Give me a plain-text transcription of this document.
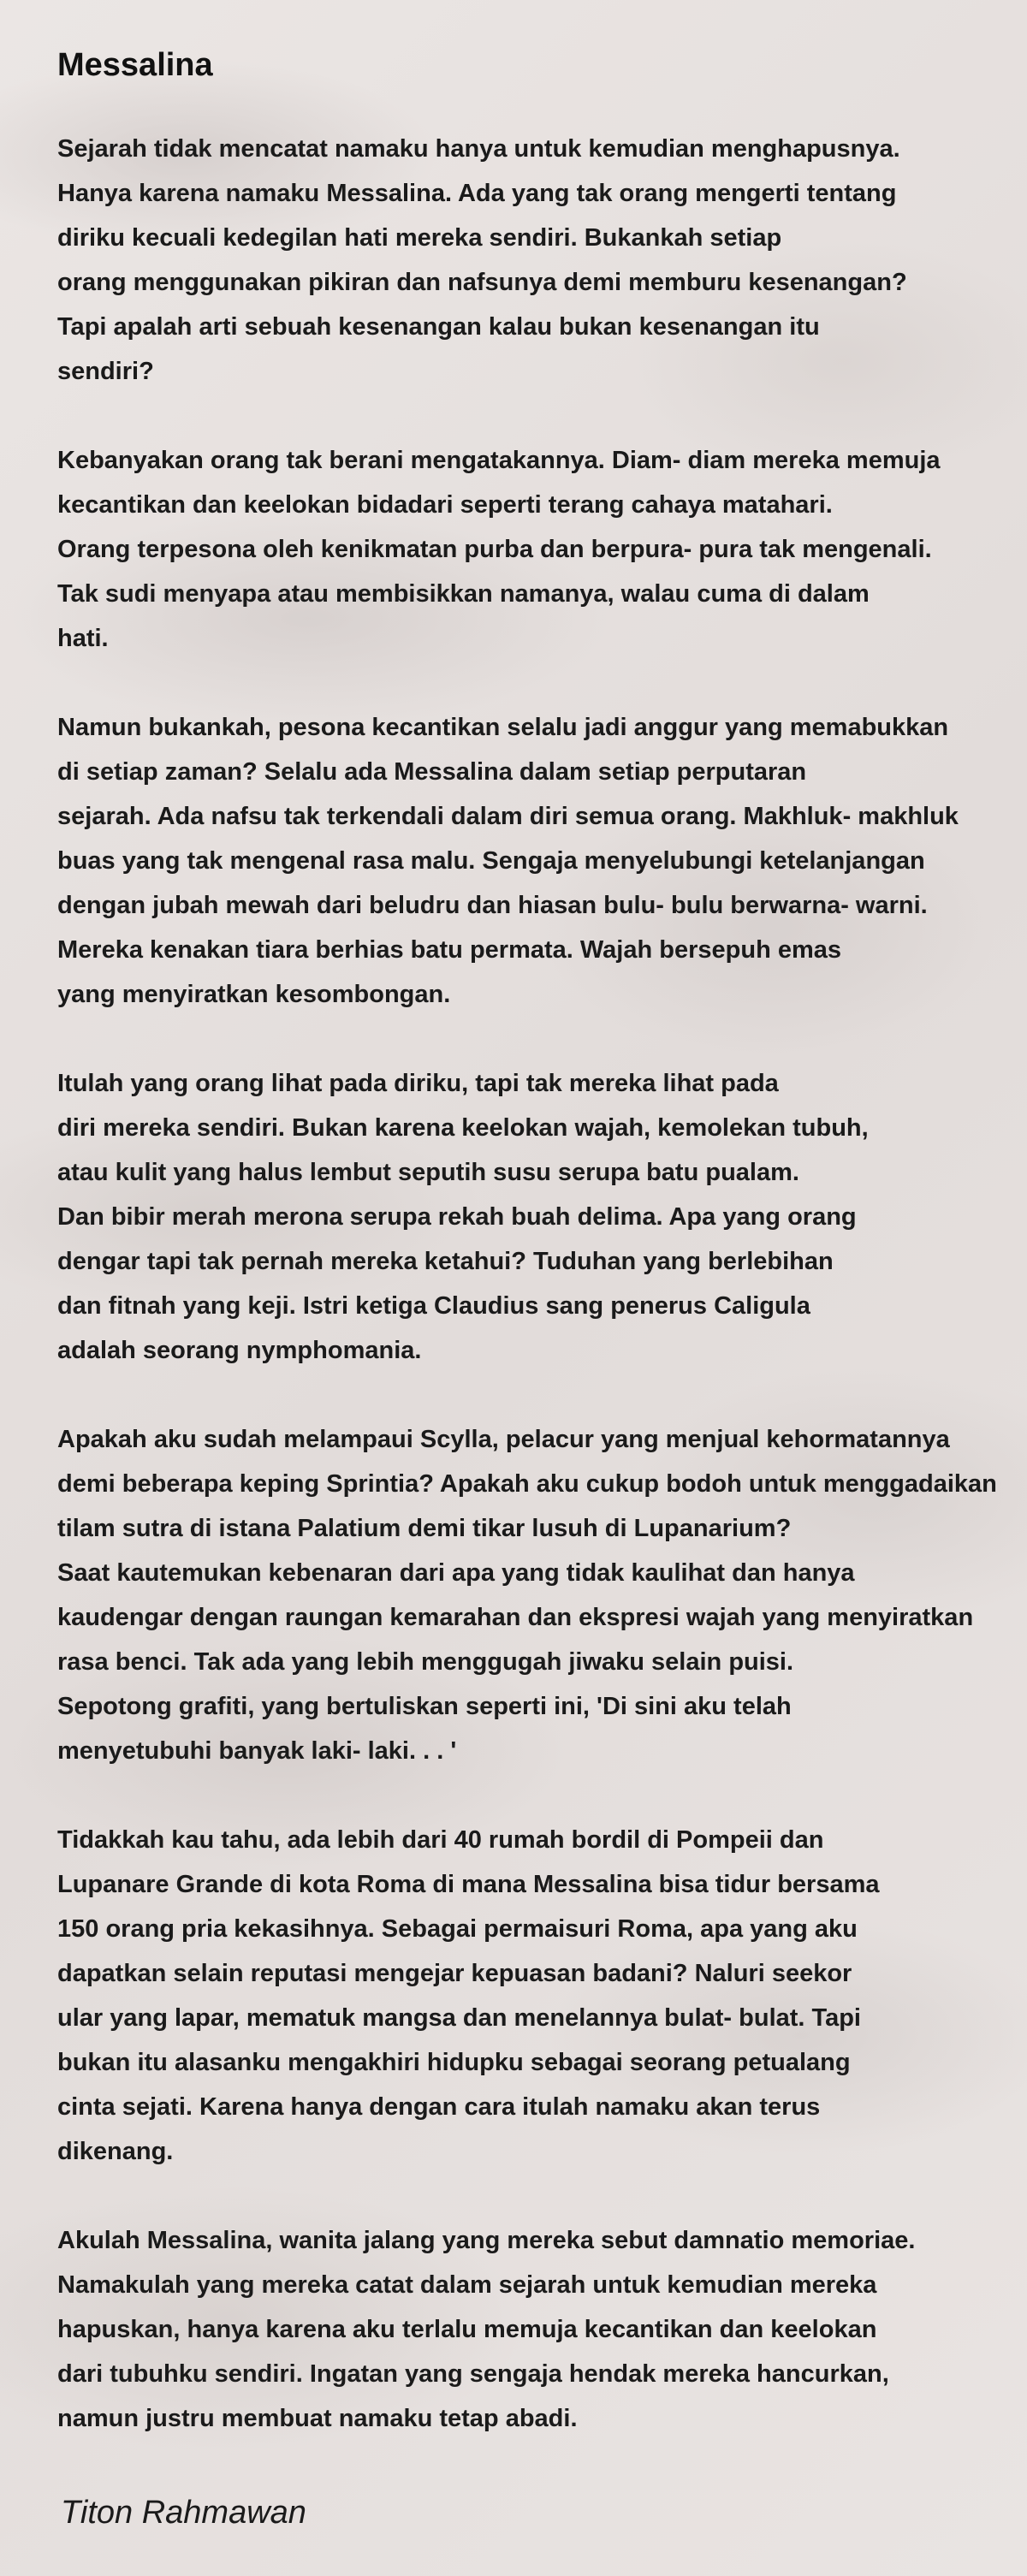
Messalina
Sejarah tidak mencatat namaku hanya untuk kemudian menghapusnya.
Hanya karena namaku Messalina. Ada yang tak orang mengerti tentang
diriku kecuali kedegilan hati mereka sendiri. Bukankah setiap
orang menggunakan pikiran dan nafsunya demi memburu kesenangan?
Tapi apalah arti sebuah kesenangan kalau bukan kesenangan itu
sendiri?
Kebanyakan orang tak berani mengatakannya. Diam- diam mereka memuja
kecantikan dan keelokan bidadari seperti terang cahaya matahari.
Orang terpesona oleh kenikmatan purba dan berpura- pura tak mengenali.
Tak sudi menyapa atau membisikkan namanya, walau cuma di dalam
hati.
Namun bukankah, pesona kecantikan selalu jadi anggur yang memabukkan
di setiap zaman? Selalu ada Messalina dalam setiap perputaran
sejarah. Ada nafsu tak terkendali dalam diri semua orang. Makhluk- makhluk
buas yang tak mengenal rasa malu. Sengaja menyelubungi ketelanjangan
dengan jubah mewah dari beludru dan hiasan bulu- bulu berwarna- warni.
Mereka kenakan tiara berhias batu permata. Wajah bersepuh emas
yang menyiratkan kesombongan.
Itulah yang orang lihat pada diriku, tapi tak mereka lihat pada
diri mereka sendiri. Bukan karena keelokan wajah, kemolekan tubuh,
atau kulit yang halus lembut seputih susu serupa batu pualam.
Dan bibir merah merona serupa rekah buah delima. Apa yang orang
dengar tapi tak pernah mereka ketahui? Tuduhan yang berlebihan
dan fitnah yang keji. Istri ketiga Claudius sang penerus Caligula
adalah seorang nymphomania.
Apakah aku sudah melampaui Scylla, pelacur yang menjual kehormatannya
demi beberapa keping Sprintia? Apakah aku cukup bodoh untuk menggadaikan
tilam sutra di istana Palatium demi tikar lusuh di Lupanarium?
Saat kautemukan kebenaran dari apa yang tidak kaulihat dan hanya
kaudengar dengan raungan kemarahan dan ekspresi wajah yang menyiratkan
rasa benci. Tak ada yang lebih menggugah jiwaku selain puisi.
Sepotong grafiti, yang bertuliskan seperti ini, 'Di sini aku telah
menyetubuhi banyak laki- laki. . . '
Tidakkah kau tahu, ada lebih dari 40 rumah bordil di Pompeii dan
Lupanare Grande di kota Roma di mana Messalina bisa tidur bersama
150 orang pria kekasihnya. Sebagai permaisuri Roma, apa yang aku
dapatkan selain reputasi mengejar kepuasan badani? Naluri seekor
ular yang lapar, mematuk mangsa dan menelannya bulat- bulat. Tapi
bukan itu alasanku mengakhiri hidupku sebagai seorang petualang
cinta sejati. Karena hanya dengan cara itulah namaku akan terus
dikenang.
Akulah Messalina, wanita jalang yang mereka sebut damnatio memoriae.
Namakulah yang mereka catat dalam sejarah untuk kemudian mereka
hapuskan, hanya karena aku terlalu memuja kecantikan dan keelokan
dari tubuhku sendiri. Ingatan yang sengaja hendak mereka hancurkan,
namun justru membuat namaku tetap abadi.

Titon Rahmawan
